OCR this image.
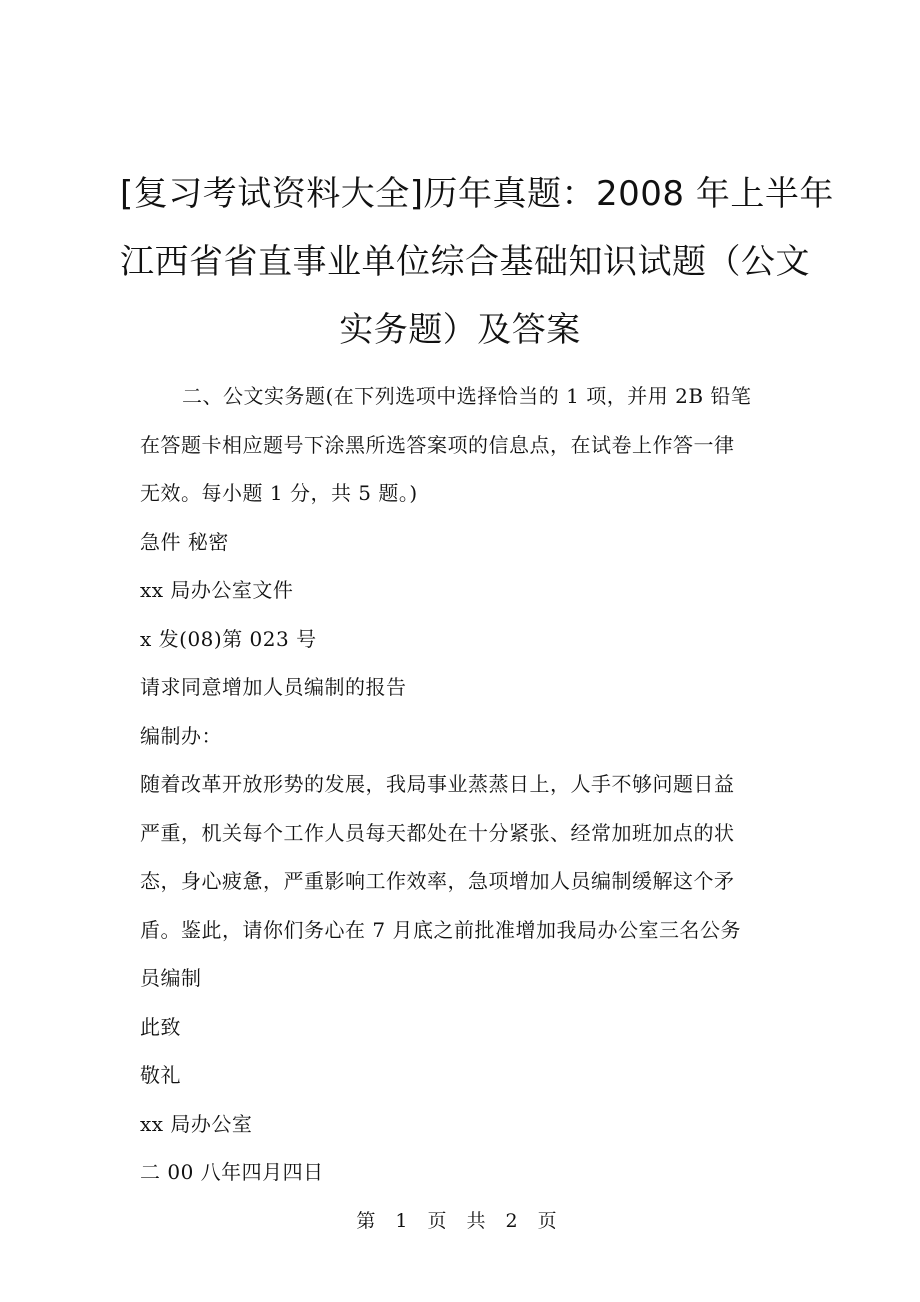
[复习考试资料大全]历年真题：2008 年上半年
江西省省直事业单位综合基础知识试题（公文
实务题）及答案

二、公文实务题(在下列选项中选择恰当的 1 项，并用 2B 铅笔

在答题卡相应题号下涂黑所选答案项的信息点，在试卷上作答一律

无效。每小题 1 分，共 5 题。)

急件 秘密

xx 局办公室文件

x 发(08)第 023 号

请求同意增加人员编制的报告

编制办：

随着改革开放形势的发展，我局事业蒸蒸日上，人手不够问题日益

严重，机关每个工作人员每天都处在十分紧张、经常加班加点的状

态，身心疲惫，严重影响工作效率，急项增加人员编制缓解这个矛

盾。鉴此，请你们务心在 7 月底之前批准增加我局办公室三名公务

员编制

此致

敬礼

xx 局办公室

二 00 八年四月四日

第 1 页 共 2 页
